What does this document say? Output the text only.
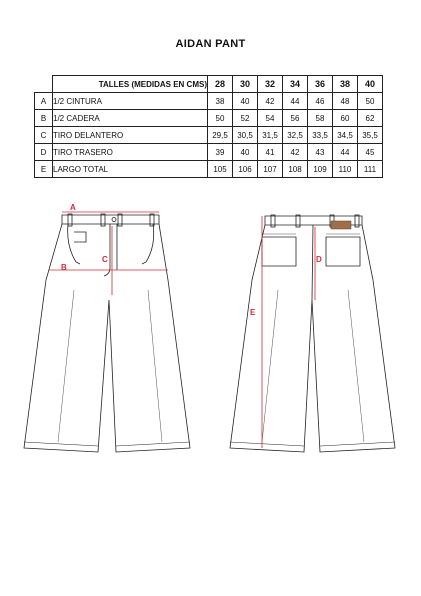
AIDAN PANT
	TALLES (MEDIDAS EN CMS)	28	30	32	34	36	38	40
A	1/2 CINTURA	38	40	42	44	46	48	50
B	1/2 CADERA	50	52	54	56	58	60	62
C	TIRO DELANTERO	29,5	30,5	31,5	32,5	33,5	34,5	35,5
D	TIRO TRASERO	39	40	41	42	43	44	45
E	LARGO TOTAL	105	106	107	108	109	110	111
A
B
C
E
D
